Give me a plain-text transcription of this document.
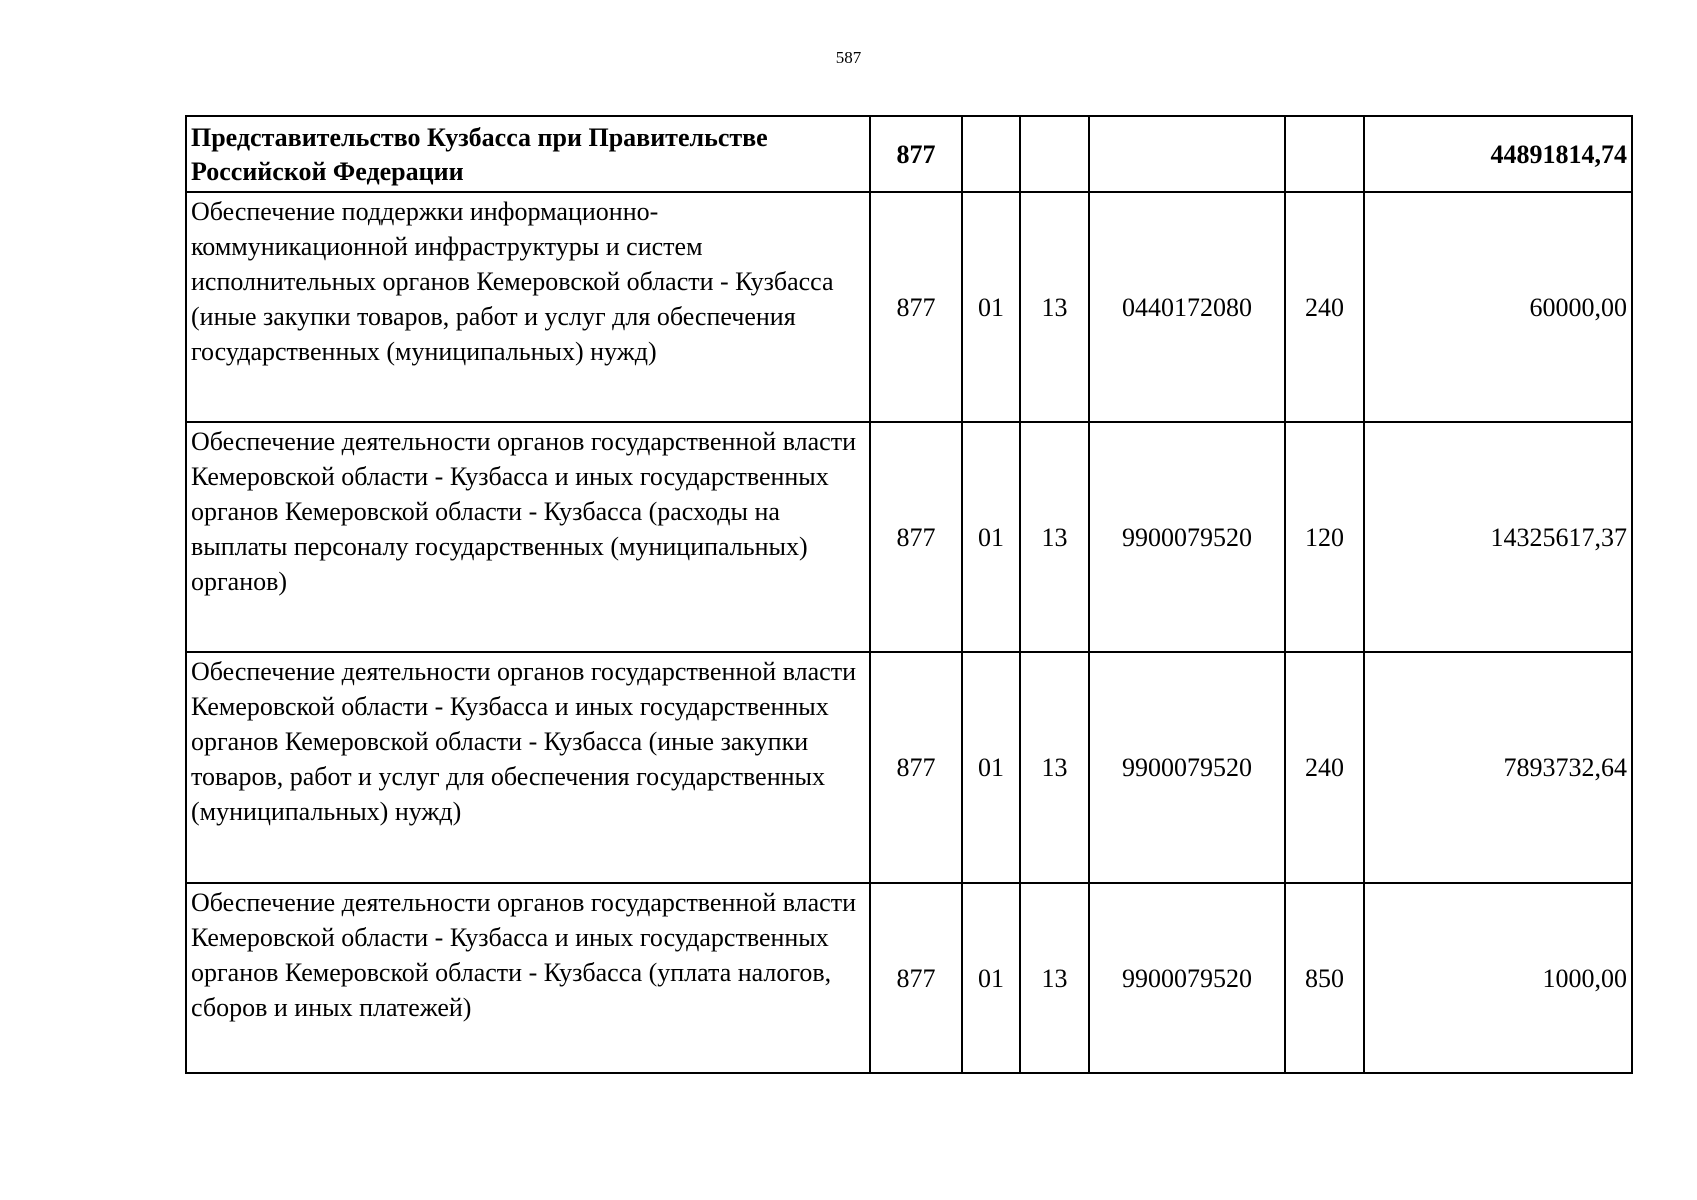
587
Представительство Кузбасса при Правительстве Российской Федерации	877					44891814,74
Обеспечение поддержки информационно-коммуникационной инфраструктуры и систем исполнительных органов Кемеровской области - Кузбасса (иные закупки товаров, работ и услуг для обеспечения государственных (муниципальных) нужд)	877	01	13	0440172080	240	60000,00
Обеспечение деятельности органов государственной власти Кемеровской области - Кузбасса и иных государственных органов Кемеровской области - Кузбасса (расходы на выплаты персоналу государственных (муниципальных) органов)	877	01	13	9900079520	120	14325617,37
Обеспечение деятельности органов государственной власти Кемеровской области - Кузбасса и иных государственных органов Кемеровской области - Кузбасса (иные закупки товаров, работ и услуг для обеспечения государственных (муниципальных) нужд)	877	01	13	9900079520	240	7893732,64
Обеспечение деятельности органов государственной власти Кемеровской области - Кузбасса и иных государственных органов Кемеровской области - Кузбасса (уплата налогов, сборов и иных платежей)	877	01	13	9900079520	850	1000,00
